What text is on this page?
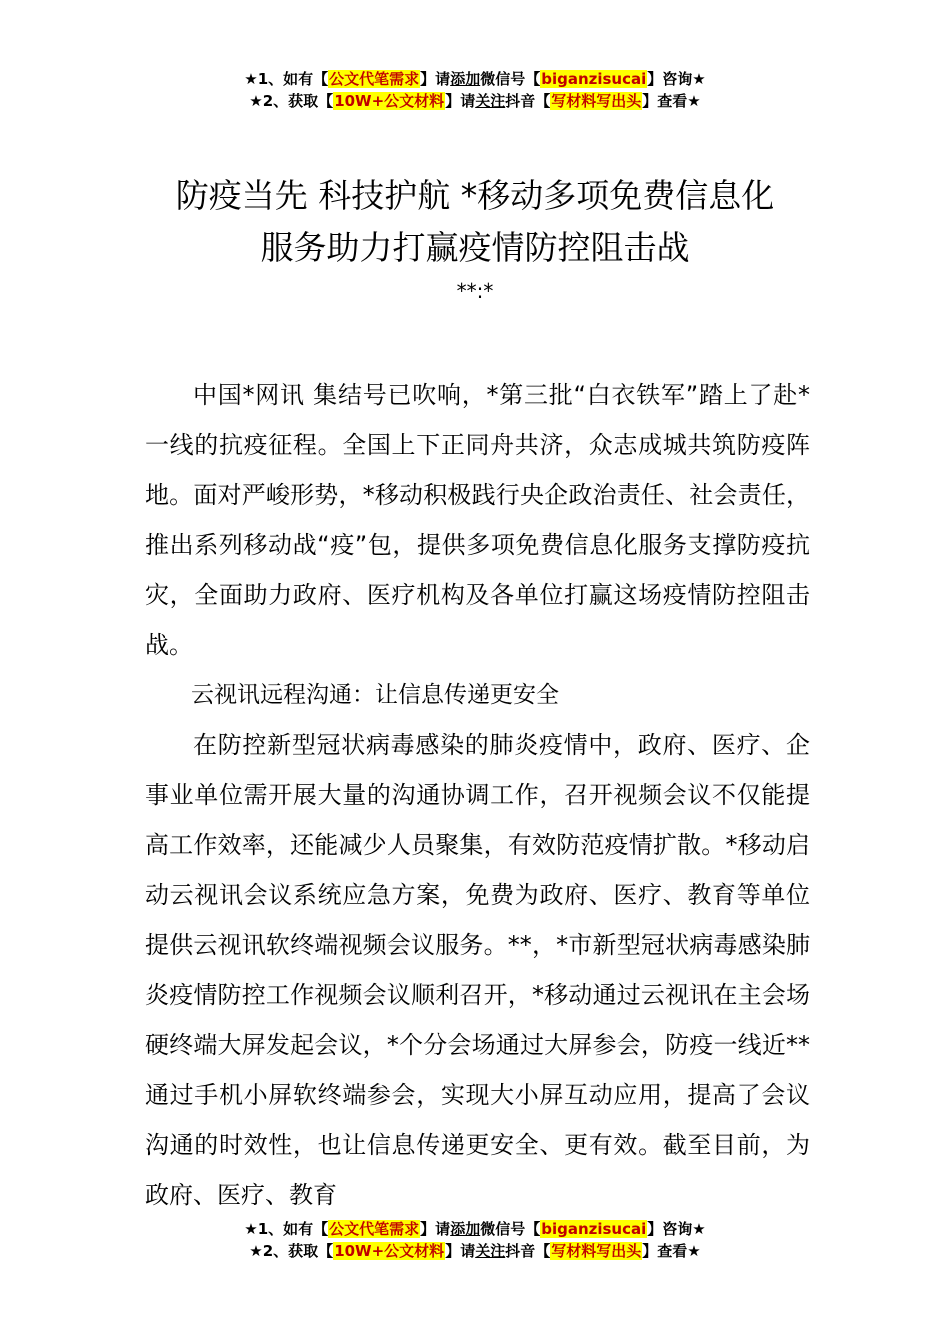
★1、如有【公文代笔需求】请添加微信号【biganzisucai】咨询★
★2、获取【10W+公文材料】请关注抖音【写材料写出头】查看★
防疫当先 科技护航 *移动多项免费信息化
服务助力打赢疫情防控阻击战
**:*

中国*网讯 集结号已吹响，*第三批“白衣铁军”踏上了赴*一线的抗疫征程。全国上下正同舟共济，众志成城共筑防疫阵地。面对严峻形势，*移动积极践行央企政治责任、社会责任，推出系列移动战“疫”包，提供多项免费信息化服务支撑防疫抗灾，全面助力政府、医疗机构及各单位打赢这场疫情防控阻击战。

云视讯远程沟通：让信息传递更安全

在防控新型冠状病毒感染的肺炎疫情中，政府、医疗、企事业单位需开展大量的沟通协调工作，召开视频会议不仅能提高工作效率，还能减少人员聚集，有效防范疫情扩散。*移动启动云视讯会议系统应急方案，免费为政府、医疗、教育等单位提供云视讯软终端视频会议服务。**，*市新型冠状病毒感染肺炎疫情防控工作视频会议顺利召开，*移动通过云视讯在主会场硬终端大屏发起会议，*个分会场通过大屏参会，防疫一线近**通过手机小屏软终端参会，实现大小屏互动应用，提高了会议沟通的时效性，也让信息传递更安全、更有效。截至目前，为政府、医疗、教育

★1、如有【公文代笔需求】请添加微信号【biganzisucai】咨询★
★2、获取【10W+公文材料】请关注抖音【写材料写出头】查看★
